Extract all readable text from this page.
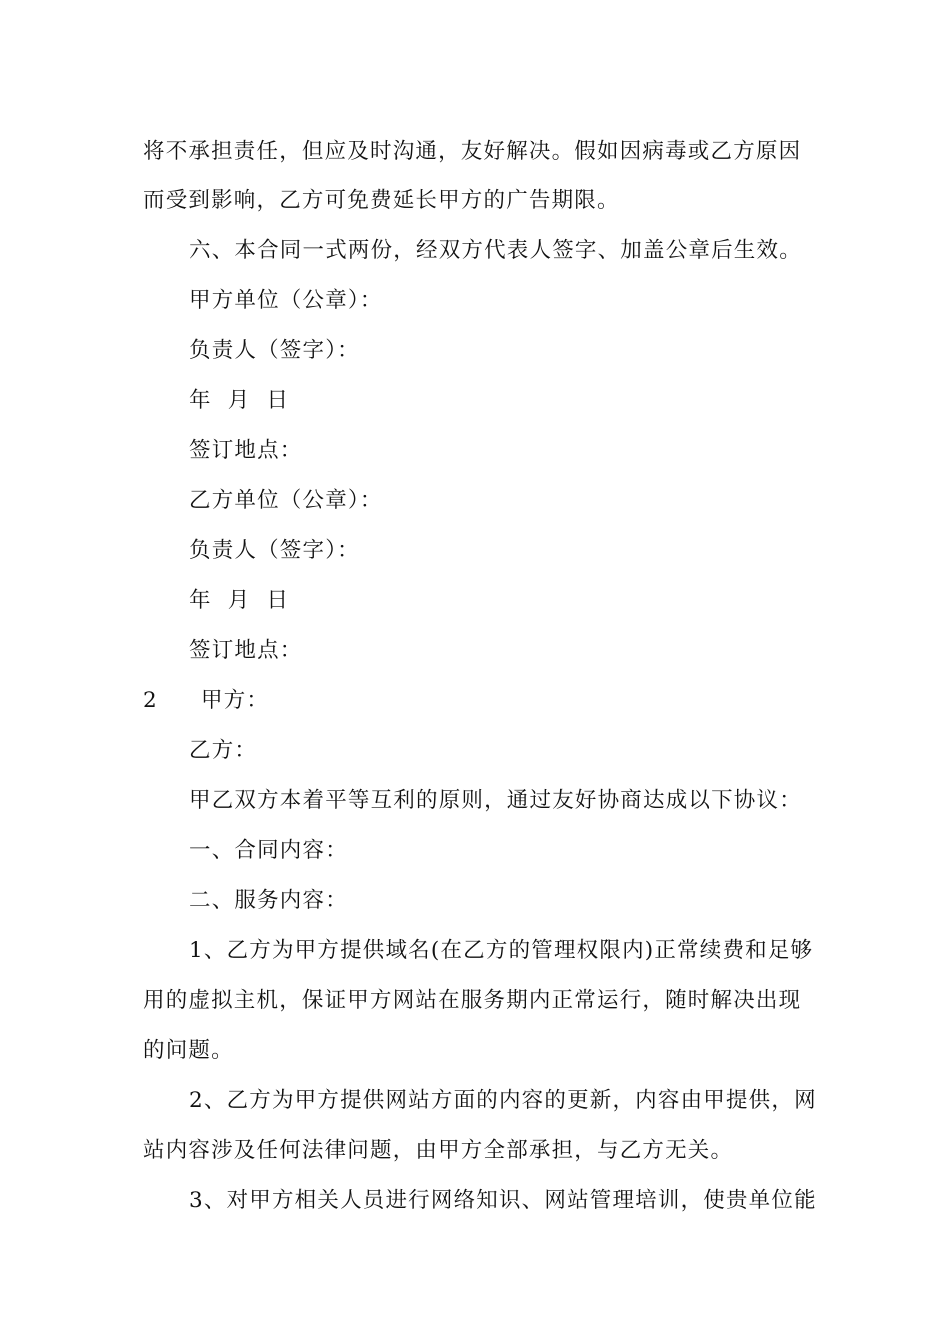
将不承担责任，但应及时沟通，友好解决。假如因病毒或乙方原因
而受到影响，乙方可免费延长甲方的广告期限。
六、本合同一式两份，经双方代表人签字、加盖公章后生效。
甲方单位（公章）：
负责人（签字）：
年  月  日
签订地点：
乙方单位（公章）：
负责人（签字）：
年  月  日
签订地点：
2 甲方：
乙方：
甲乙双方本着平等互利的原则，通过友好协商达成以下协议：
一、合同内容：
二、服务内容：
1、乙方为甲方提供域名(在乙方的管理权限内)正常续费和足够
用的虚拟主机，保证甲方网站在服务期内正常运行，随时解决出现
的问题。
2、乙方为甲方提供网站方面的内容的更新，内容由甲提供，网
站内容涉及任何法律问题，由甲方全部承担，与乙方无关。
3、对甲方相关人员进行网络知识、网站管理培训，使贵单位能
